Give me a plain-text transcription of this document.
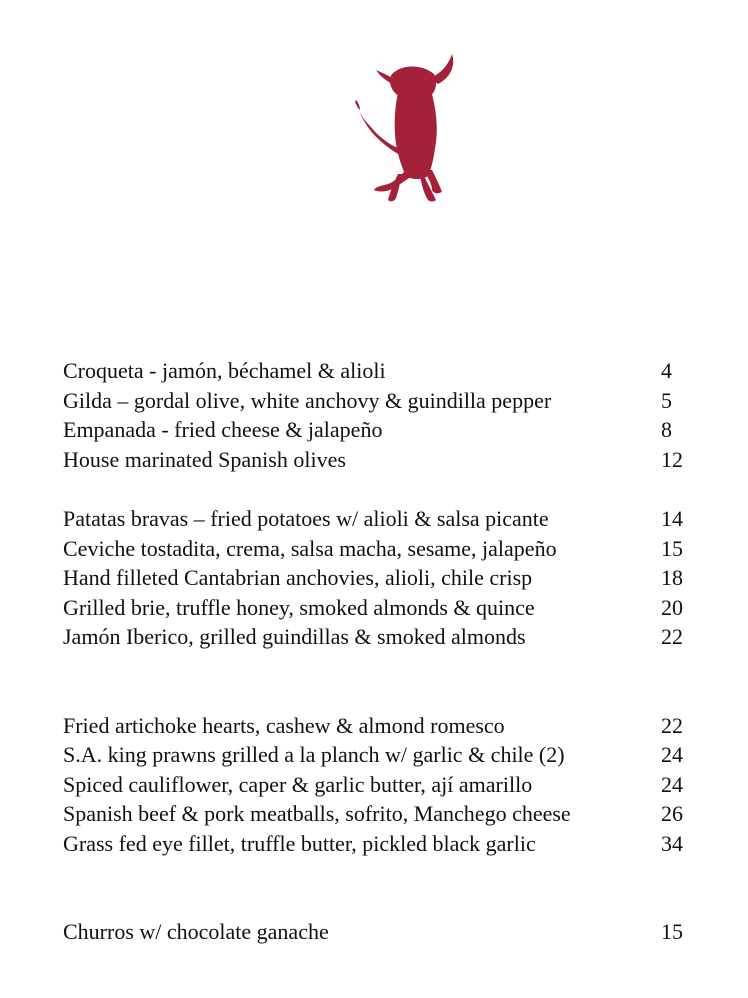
Croqueta - jamón, béchamel & alioli	4
Gilda – gordal olive, white anchovy & guindilla pepper	5
Empanada - fried cheese & jalapeño	8
House marinated Spanish olives	12
Patatas bravas – fried potatoes w/ alioli & salsa picante	14
Ceviche tostadita, crema, salsa macha, sesame, jalapeño	15
Hand filleted Cantabrian anchovies, alioli, chile crisp	18
Grilled brie, truffle honey, smoked almonds & quince	20
Jamón Iberico, grilled guindillas & smoked almonds	22
Fried artichoke hearts, cashew & almond romesco	22
S.A. king prawns grilled a la planch w/ garlic & chile (2)	24
Spiced cauliflower, caper & garlic butter, ají amarillo	24
Spanish beef & pork meatballs, sofrito, Manchego cheese	26
Grass fed eye fillet, truffle butter, pickled black garlic	34
Churros w/ chocolate ganache	15
